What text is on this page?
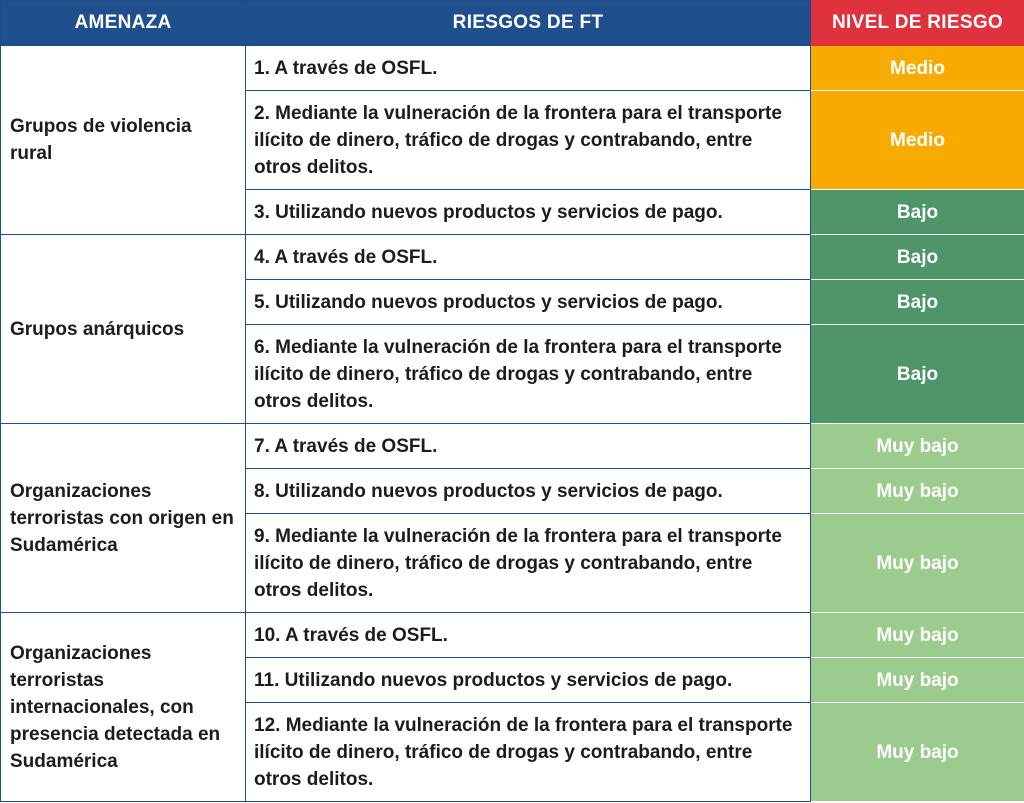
AMENAZA	RIESGOS DE FT	NIVEL DE RIESGO
Grupos de violencia rural	1. A través de OSFL.	Medio
	2. Mediante la vulneración de la frontera para el transporte ilícito de dinero, tráfico de drogas y contrabando, entre otros delitos.	Medio
	3. Utilizando nuevos productos y servicios de pago.	Bajo
Grupos anárquicos	4. A través de OSFL.	Bajo
	5. Utilizando nuevos productos y servicios de pago.	Bajo
	6. Mediante la vulneración de la frontera para el transporte ilícito de dinero, tráfico de drogas y contrabando, entre otros delitos.	Bajo
Organizaciones terroristas con origen en Sudamérica	7. A través de OSFL.	Muy bajo
	8. Utilizando nuevos productos y servicios de pago.	Muy bajo
	9. Mediante la vulneración de la frontera para el transporte ilícito de dinero, tráfico de drogas y contrabando, entre otros delitos.	Muy bajo
Organizaciones terroristas internacionales, con presencia detectada en Sudamérica	10. A través de OSFL.	Muy bajo
	11. Utilizando nuevos productos y servicios de pago.	Muy bajo
	12. Mediante la vulneración de la frontera para el transporte ilícito de dinero, tráfico de drogas y contrabando, entre otros delitos.	Muy bajo
